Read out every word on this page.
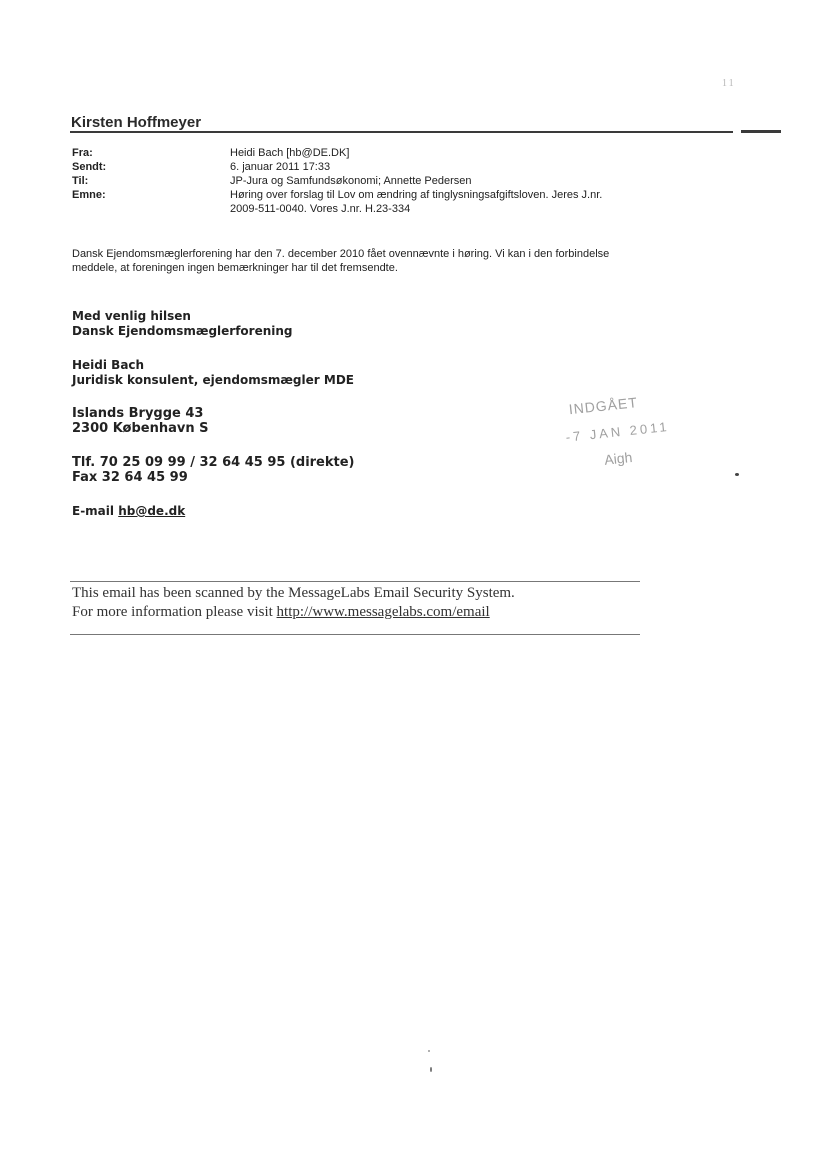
11
Kirsten Hoffmeyer
Fra:	Heidi Bach [hb@DE.DK]
Sendt:	6. januar 2011 17:33
Til:	JP-Jura og Samfundsøkonomi; Annette Pedersen
Emne:	Høring over forslag til Lov om ændring af tinglysningsafgiftsloven. Jeres J.nr.
2009-511-0040. Vores J.nr. H.23-334

Dansk Ejendomsmæglerforening har den 7. december 2010 fået ovennævnte i høring. Vi kan i den forbindelse

meddele, at foreningen ingen bemærkninger har til det fremsendte.

Med venlig hilsen
Dansk Ejendomsmæglerforening
Heidi Bach
Juridisk konsulent, ejendomsmægler MDE
Islands Brygge 43
2300 København S
Tlf. 70 25 09 99 / 32 64 45 95 (direkte)
Fax 32 64 45 99
E-mail hb@de.dk
INDGÅET
-7 JAN 2011
Aigh
This email has been scanned by the MessageLabs Email Security System.
For more information please visit http://www.messagelabs.com/email
